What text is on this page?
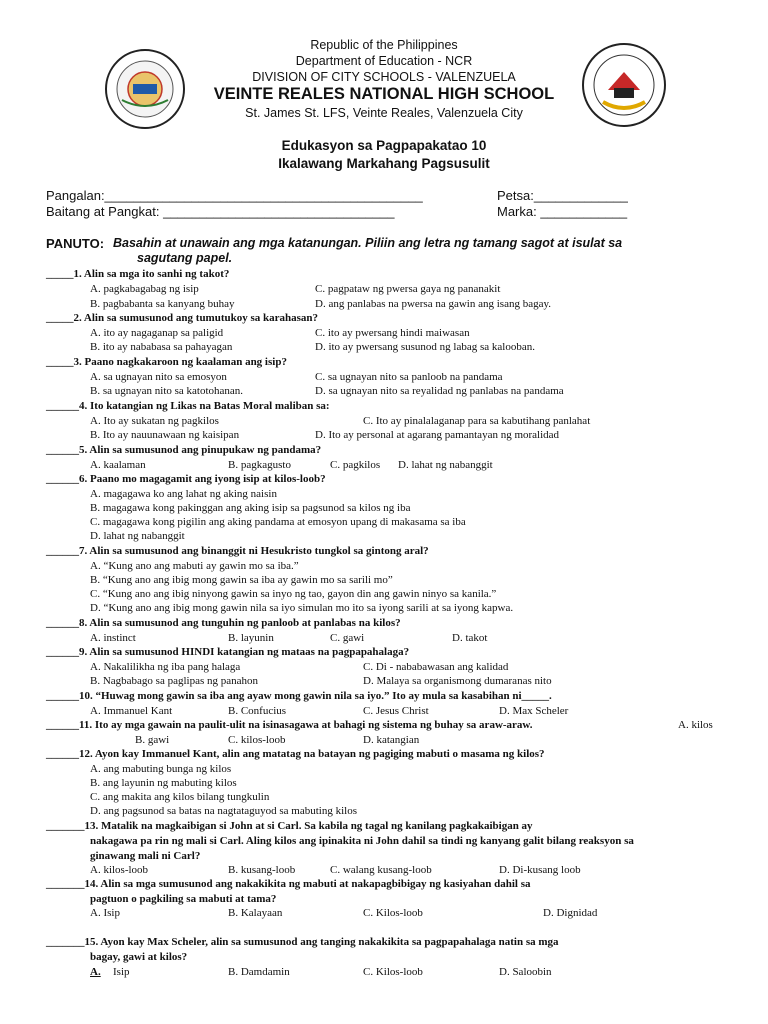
Republic of the Philippines
Department of Education - NCR
DIVISION OF CITY SCHOOLS - VALENZUELA
VEINTE REALES NATIONAL HIGH SCHOOL
St. James St. LFS, Veinte Reales, Valenzuela City
Edukasyon sa Pagpapakatao 10
Ikalawang Markahang Pagsusulit
Pangalan:____________________________________________
Baitang at Pangkat: ________________________________
Petsa:_____________
Marka: ____________
PANUTO: Basahin at unawain ang mga katanungan. Piliin ang letra ng tamang sagot at isulat sa
sagutang papel.
_____1. Alin sa mga ito sanhi ng takot?
A. pagkabagabag ng isip	C. pagpataw ng pwersa gaya ng pananakit
B. pagbabanta sa kanyang buhay	D. ang panlabas na pwersa na gawin ang isang bagay.
_____2. Alin sa sumusunod ang tumutukoy sa karahasan?
A. ito ay nagaganap sa paligid	C. ito ay pwersang hindi maiwasan
B. ito ay nababasa sa pahayagan	D. ito ay pwersang susunod ng labag sa kalooban.
_____3. Paano nagkakaroon ng kaalaman ang isip?
A. sa ugnayan nito sa emosyon	C. sa ugnayan nito sa panloob na pandama
B. sa ugnayan nito sa katotohanan.	D. sa ugnayan nito sa reyalidad ng panlabas na pandama
______4. Ito katangian ng Likas na Batas Moral maliban sa:
A. Ito ay sukatan ng pagkilos	C. Ito ay pinalalaganap para sa kabutihang panlahat
B. Ito ay nauunawaan ng kaisipan	D. Ito ay personal at agarang pamantayan ng moralidad
______5. Alin sa sumusunod ang pinupukaw ng pandama?
A. kaalaman	B. pagkagusto	C. pagkilos D. lahat ng nabanggit
______6. Paano mo magagamit ang iyong isip at kilos-loob?
A. magagawa ko ang lahat ng aking naisin
B. magagawa kong pakinggan ang aking isip sa pagsunod sa kilos ng iba
C. magagawa kong pigilin ang aking pandama at emosyon upang di makasama sa iba
D. lahat ng nabanggit
______7. Alin sa sumusunod ang binanggit ni Hesukristo tungkol sa gintong aral?
A. “Kung ano ang mabuti ay gawin mo sa iba.”
B. “Kung ano ang ibig mong gawin sa iba ay gawin mo sa sarili mo”
C. “Kung ano ang ibig ninyong gawin sa inyo ng tao, gayon din ang gawin ninyo sa kanila.”
D. “Kung ano ang ibig mong gawin nila sa iyo simulan mo ito sa iyong sarili at sa iyong kapwa.
______8. Alin sa sumusunod ang tunguhin ng panloob at panlabas na kilos?
A. instinct	B. layunin	C. gawi	D. takot
______9. Alin sa sumusunod HINDI katangian ng mataas na pagpapahalaga?
A. Nakalilikha ng iba pang halaga	C. Di - nababawasan ang kalidad
B. Nagbabago sa paglipas ng panahon	D. Malaya sa organismong dumaranas nito
______10. “Huwag mong gawin sa iba ang ayaw mong gawin nila sa iyo.” Ito ay mula sa kasabihan ni_____.
A. Immanuel Kant	B. Confucius	C. Jesus Christ	D. Max Scheler
______11. Ito ay mga gawain na paulit-ulit na isinasagawa at bahagi ng sistema ng buhay sa araw-araw.	A. kilos
B. gawi	C. kilos-loob	D. katangian
______12. Ayon kay Immanuel Kant, alin ang matatag na batayan ng pagiging mabuti o masama ng kilos?
A. ang mabuting bunga ng kilos
B. ang layunin ng mabuting kilos
C. ang makita ang kilos bilang tungkulin
D. ang pagsunod sa batas na nagtataguyod sa mabuting kilos
_______13. Matalik na magkaibigan si John at si Carl. Sa kabila ng tagal ng kanilang pagkakaibigan ay
nakagawa pa rin ng mali si Carl. Aling kilos ang ipinakita ni John dahil sa tindi ng kanyang galit bilang reaksyon sa
ginawang mali ni Carl?
A. kilos-loob	B. kusang-loob	C. walang kusang-loob	D. Di-kusang loob
_______14. Alin sa mga sumusunod ang nakakikita ng mabuti at nakapagbibigay ng kasiyahan dahil sa
pagtuon o pagkiling sa mabuti at tama?
A. Isip	B. Kalayaan	C. Kilos-loob	D. Dignidad
_______15. Ayon kay Max Scheler, alin sa sumusunod ang tanging nakakikita sa pagpapahalaga natin sa mga
bagay, gawi at kilos?
A. Isip	B. Damdamin	C. Kilos-loob	D. Saloobin
